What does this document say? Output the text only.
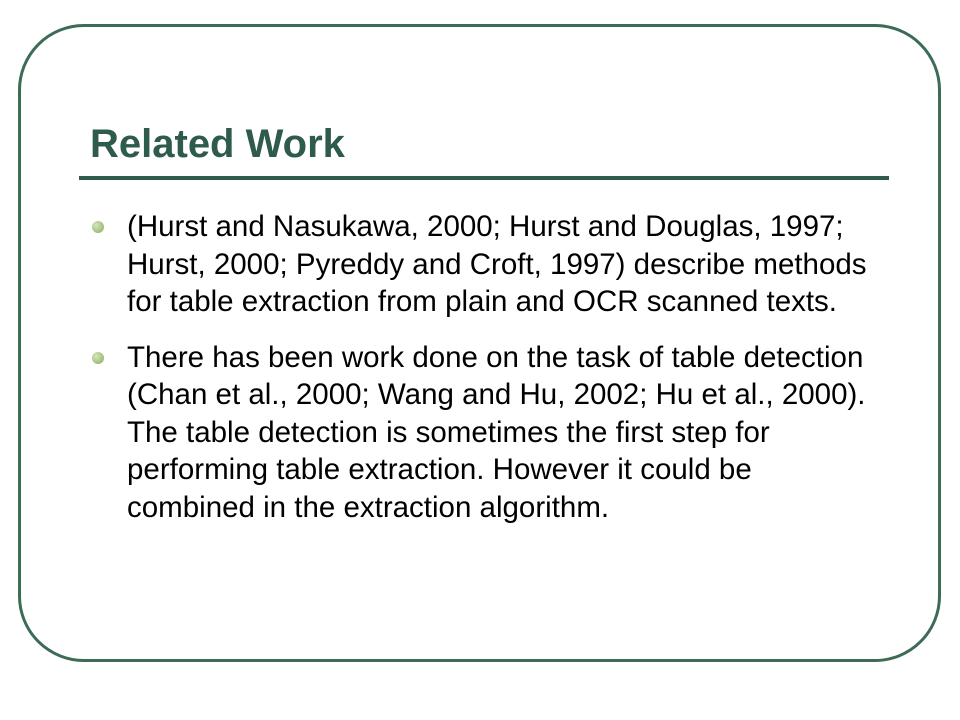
Related Work
(Hurst and Nasukawa, 2000; Hurst and Douglas, 1997; Hurst, 2000; Pyreddy and Croft, 1997) describe methods for table extraction from plain and OCR scanned texts.
There has been work done on the task of table detection (Chan et al., 2000; Wang and Hu, 2002; Hu et al., 2000). The table detection is sometimes the first step for performing table extraction. However it could be combined in the extraction algorithm.
